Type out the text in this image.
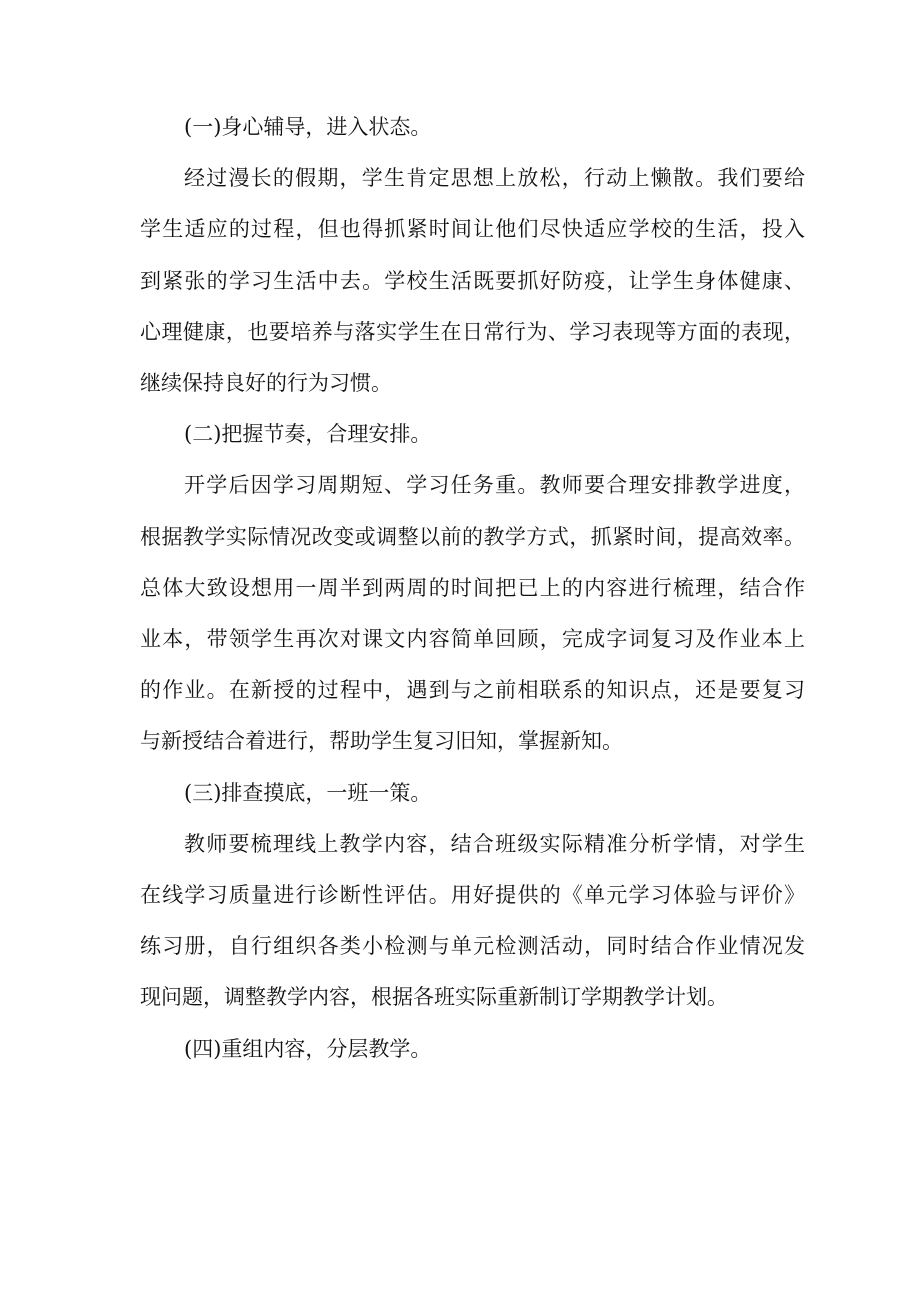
(一)身心辅导，进入状态。

经过漫长的假期，学生肯定思想上放松，行动上懒散。我们要给
学生适应的过程，但也得抓紧时间让他们尽快适应学校的生活，投入
到紧张的学习生活中去。学校生活既要抓好防疫，让学生身体健康、
心理健康，也要培养与落实学生在日常行为、学习表现等方面的表现，
继续保持良好的行为习惯。

(二)把握节奏，合理安排。

开学后因学习周期短、学习任务重。教师要合理安排教学进度，
根据教学实际情况改变或调整以前的教学方式，抓紧时间，提高效率。
总体大致设想用一周半到两周的时间把已上的内容进行梳理，结合作
业本，带领学生再次对课文内容简单回顾，完成字词复习及作业本上
的作业。在新授的过程中，遇到与之前相联系的知识点，还是要复习
与新授结合着进行，帮助学生复习旧知，掌握新知。

(三)排查摸底，一班一策。

教师要梳理线上教学内容，结合班级实际精准分析学情，对学生
在线学习质量进行诊断性评估。用好提供的《单元学习体验与评价》
练习册，自行组织各类小检测与单元检测活动，同时结合作业情况发
现问题，调整教学内容，根据各班实际重新制订学期教学计划。

(四)重组内容，分层教学。
